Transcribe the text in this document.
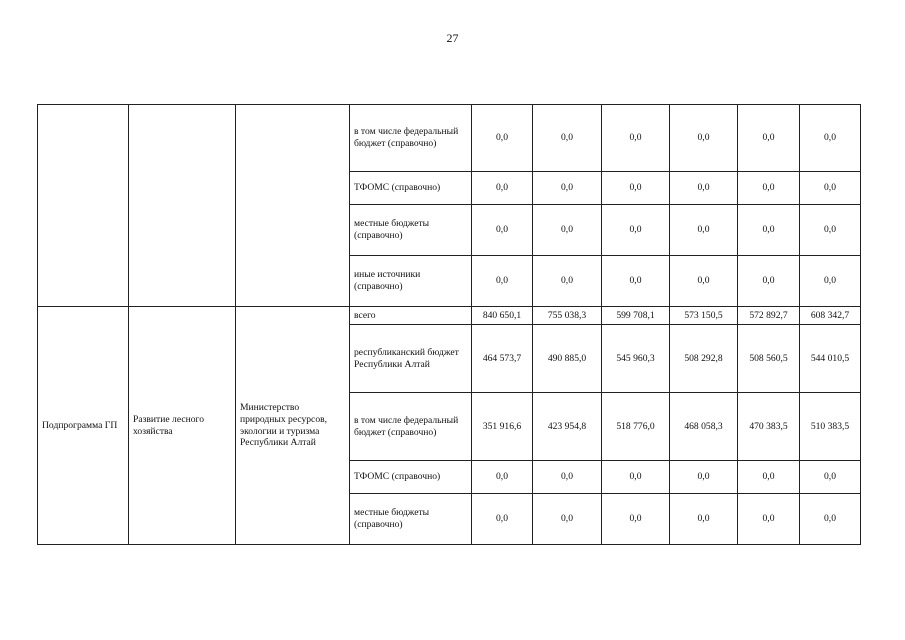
27
			в том числе федеральный бюджет (справочно)	0,0	0,0	0,0	0,0	0,0	0,0
			ТФОМС (справочно)	0,0	0,0	0,0	0,0	0,0	0,0
			местные бюджеты (справочно)	0,0	0,0	0,0	0,0	0,0	0,0
			иные источники (справочно)	0,0	0,0	0,0	0,0	0,0	0,0
Подпрограмма ГП	Развитие лесного хозяйства	Министерство природных ресурсов, экологии и туризма Республики Алтай	всего	840 650,1	755 038,3	599 708,1	573 150,5	572 892,7	608 342,7
			республиканский бюджет Республики Алтай	464 573,7	490 885,0	545 960,3	508 292,8	508 560,5	544 010,5
			в том числе федеральный бюджет (справочно)	351 916,6	423 954,8	518 776,0	468 058,3	470 383,5	510 383,5
			ТФОМС (справочно)	0,0	0,0	0,0	0,0	0,0	0,0
			местные бюджеты (справочно)	0,0	0,0	0,0	0,0	0,0	0,0
